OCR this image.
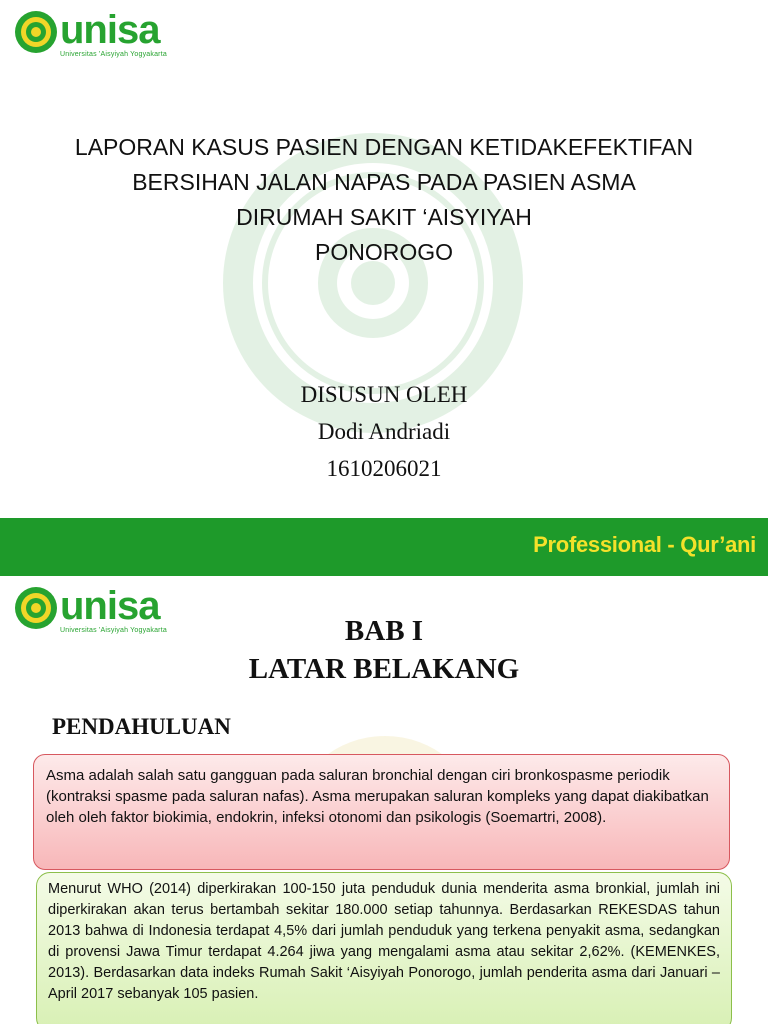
unisa
Universitas 'Aisyiyah Yogyakarta
LAPORAN KASUS PASIEN DENGAN KETIDAKEFEKTIFAN
BERSIHAN JALAN NAPAS PADA PASIEN ASMA
DIRUMAH SAKIT ‘AISYIYAH
PONOROGO
DISUSUN OLEH
Dodi Andriadi
1610206021
Professional - Qur’ani
unisa
Universitas 'Aisyiyah Yogyakarta	BAB I
LATAR BELAKANG
PENDAHULUAN
Asma adalah salah satu gangguan pada saluran bronchial dengan ciri bronkospasme periodik (kontraksi spasme pada saluran nafas). Asma merupakan saluran kompleks yang dapat diakibatkan oleh oleh faktor biokimia, endokrin, infeksi otonomi dan psikologis (Soemartri, 2008).
Menurut WHO (2014) diperkirakan 100-150 juta penduduk dunia menderita asma bronkial, jumlah ini diperkirakan akan terus bertambah sekitar 180.000 setiap tahunnya. Berdasarkan REKESDAS tahun 2013 bahwa di Indonesia terdapat 4,5% dari jumlah penduduk yang terkena penyakit asma, sedangkan di provensi Jawa Timur terdapat 4.264 jiwa yang mengalami asma atau sekitar 2,62%. (KEMENKES, 2013). Berdasarkan data indeks Rumah Sakit ‘Aisyiyah Ponorogo, jumlah penderita asma dari Januari – April 2017 sebanyak 105 pasien.
